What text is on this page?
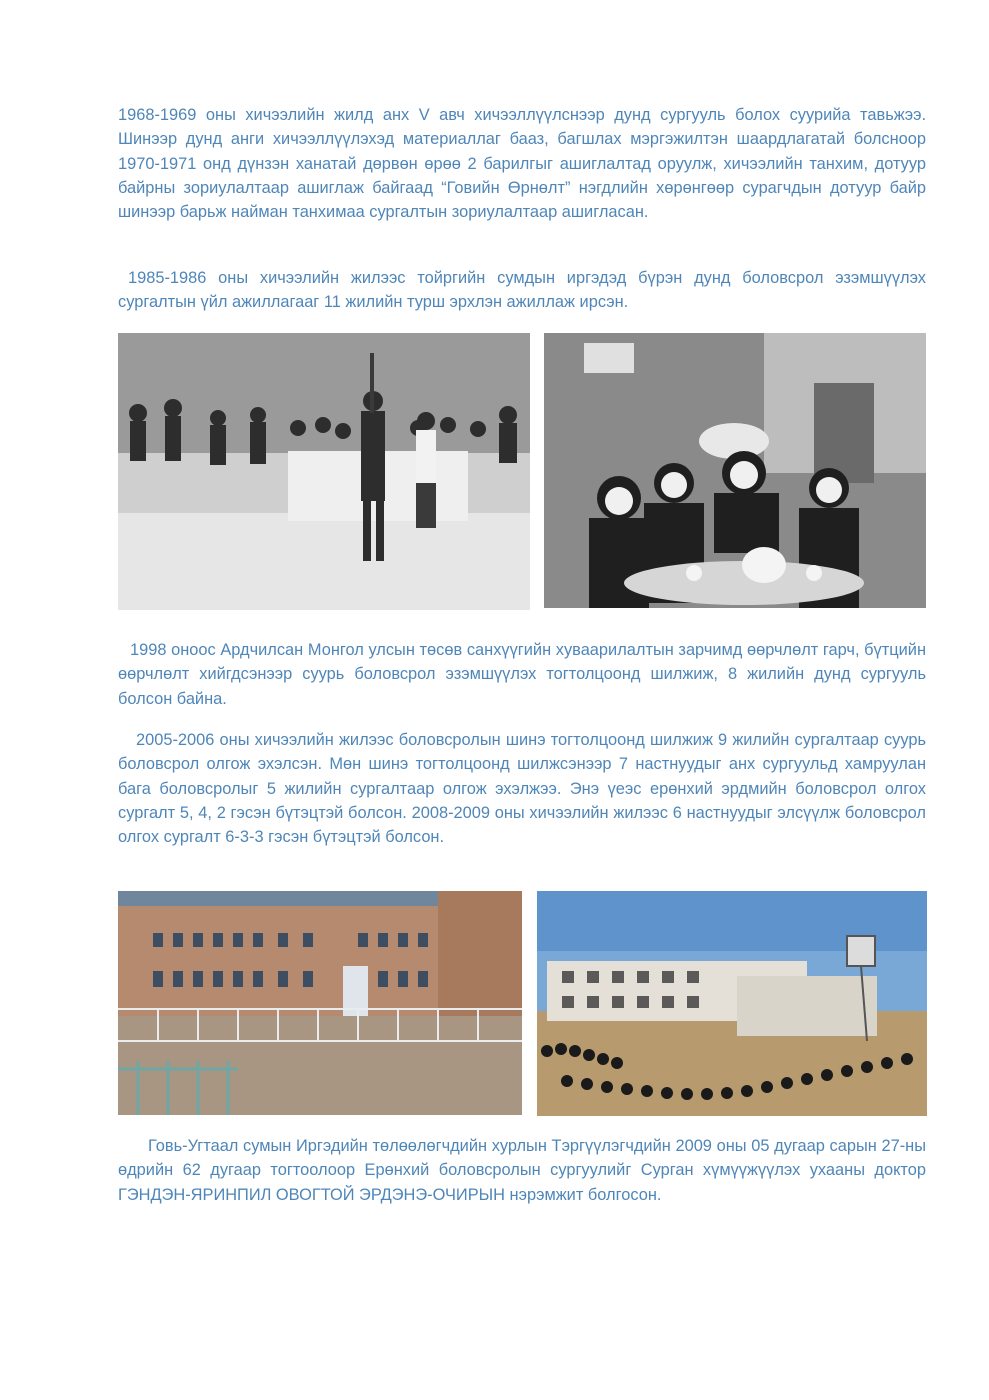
1968-1969 оны хичээлийн жилд анх V авч хичээллүүлснээр дунд сургууль болох суурийа тавьжээ. Шинээр дунд анги хичээллүүлэхэд материаллаг бааз, багшлах мэргэжилтэн шаардлагатай болсноор 1970-1971 онд дүнзэн ханатай дөрвөн өрөө 2 барилгыг ашиглалтад оруулж, хичээлийн танхим, дотуур байрны зориулалтаар ашиглаж байгаад “Говийн Өрнөлт” нэгдлийн хөрөнгөөр сурагчдын дотуур байр шинээр барьж найман танхимаа сургалтын зориулалтаар ашигласан.

1985-1986 оны хичээлийн жилээс тойргийн сумдын иргэдэд бүрэн дунд боловсрол эзэмшүүлэх сургалтын үйл ажиллагааг 11 жилийн турш эрхлэн ажиллаж ирсэн.

1998 оноос Ардчилсан Монгол улсын төсөв санхүүгийн хуваарилалтын зарчимд өөрчлөлт гарч, бүтцийн өөрчлөлт хийгдсэнээр суурь боловсрол эзэмшүүлэх тогтолцоонд шилжиж, 8 жилийн дунд сургууль болсон байна.

2005-2006 оны хичээлийн жилээс боловсролын шинэ тогтолцоонд шилжиж 9 жилийн сургалтаар суурь боловсрол олгож эхэлсэн. Мөн шинэ тогтолцоонд шилжсэнээр 7 настнуудыг анх сургуульд хамруулан бага боловсролыг 5 жилийн сургалтаар олгож эхэлжээ. Энэ үеэс ерөнхий эрдмийн боловсрол олгох сургалт 5, 4, 2 гэсэн бүтэцтэй болсон. 2008-2009 оны хичээлийн жилээс 6 настнуудыг элсүүлж боловсрол олгох сургалт 6-3-3 гэсэн бүтэцтэй болсон.

Говь-Угтаал сумын Иргэдийн төлөөлөгчдийн хурлын Тэргүүлэгчдийн 2009 оны 05 дугаар сарын 27-ны өдрийн 62 дугаар тогтоолоор Ерөнхий боловсролын сургуулийг Сурган хүмүүжүүлэх ухааны доктор ГЭНДЭН-ЯРИНПИЛ ОВОГТОЙ ЭРДЭНЭ-ОЧИРЫН нэрэмжит болгосон.
